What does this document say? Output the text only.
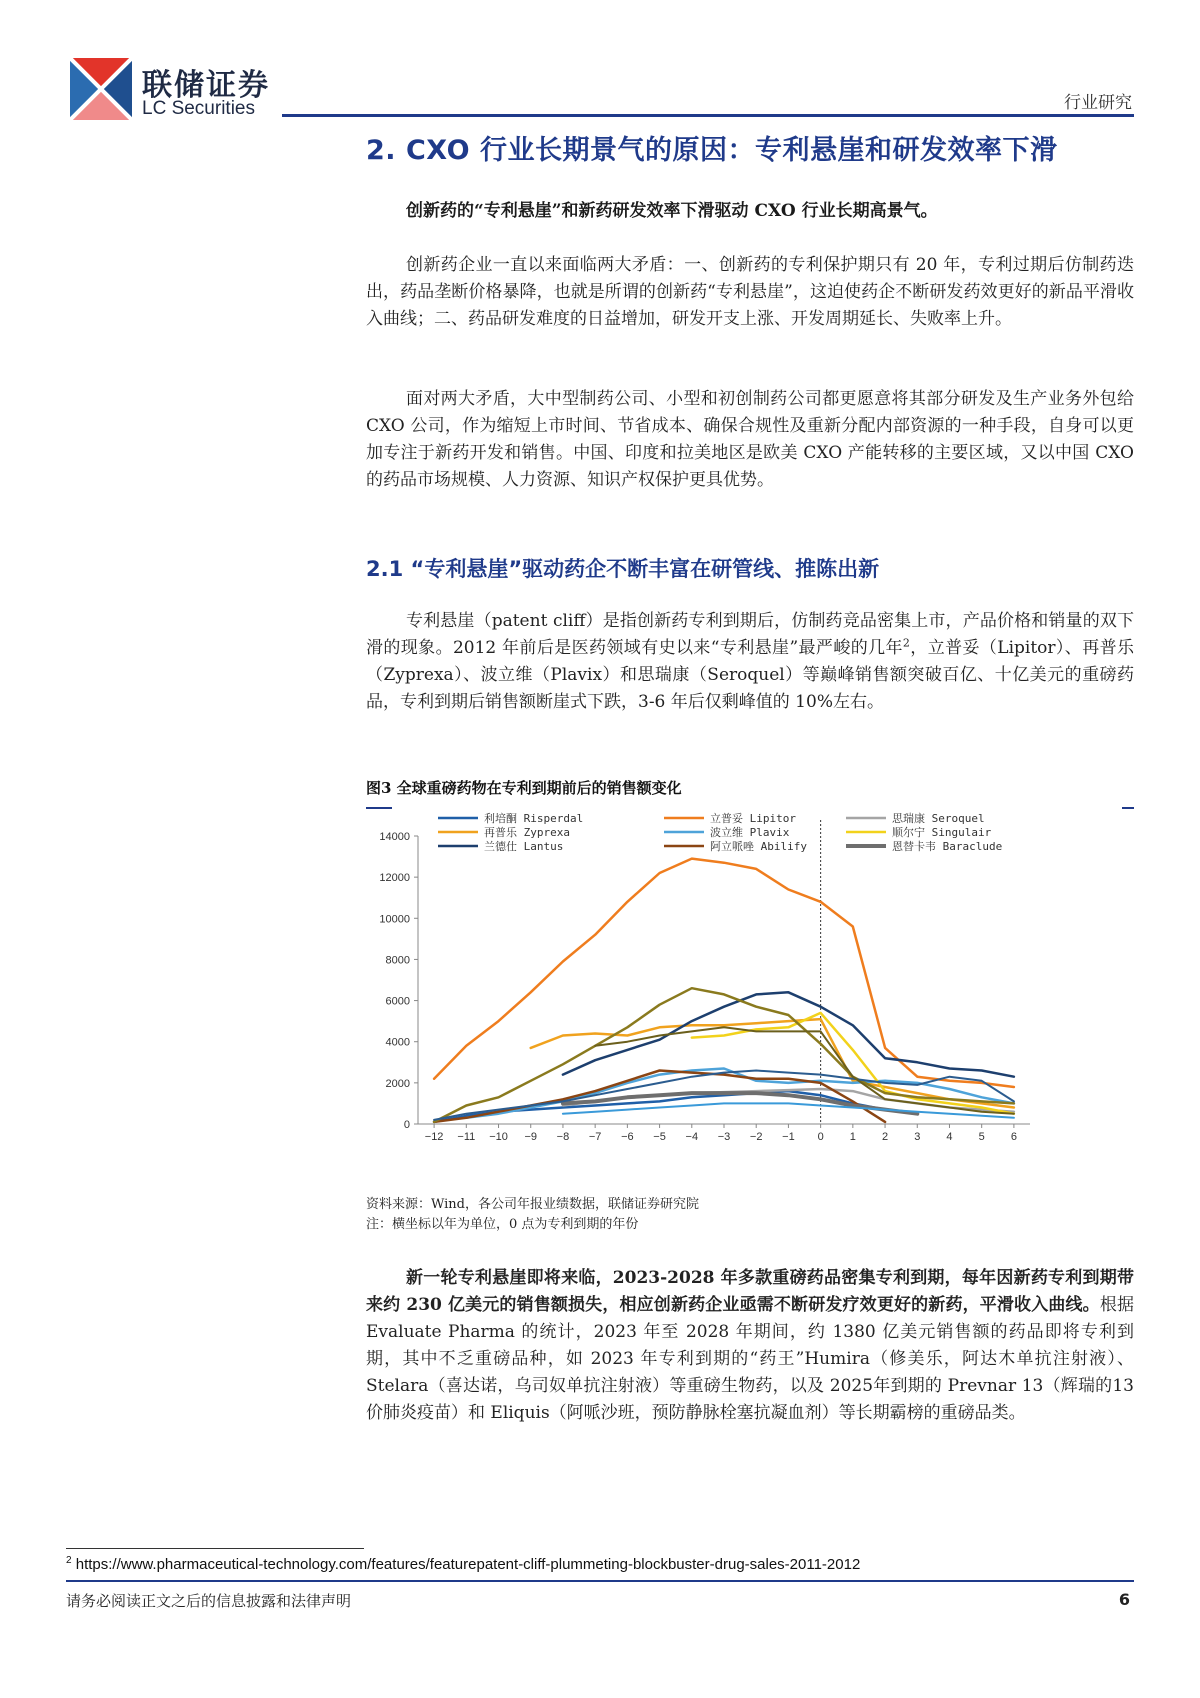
联储证券
LC Securities	行业研究
2. CXO 行业长期景气的原因：专利悬崖和研发效率下滑
创新药的“专利悬崖”和新药研发效率下滑驱动 CXO 行业长期高景气。
创新药企业一直以来面临两大矛盾：一、创新药的专利保护期只有 20 年，专利过期后仿制药迭出，药品垄断价格暴降，也就是所谓的创新药“专利悬崖”，这迫使药企不断研发药效更好的新品平滑收入曲线；二、药品研发难度的日益增加，研发开支上涨、开发周期延长、失败率上升。
面对两大矛盾，大中型制药公司、小型和初创制药公司都更愿意将其部分研发及生产业务外包给 CXO 公司，作为缩短上市时间、节省成本、确保合规性及重新分配内部资源的一种手段，自身可以更加专注于新药开发和销售。中国、印度和拉美地区是欧美 CXO 产能转移的主要区域，又以中国 CXO 的药品市场规模、人力资源、知识产权保护更具优势。
2.1 “专利悬崖”驱动药企不断丰富在研管线、推陈出新
专利悬崖（patent cliff）是指创新药专利到期后，仿制药竞品密集上市，产品价格和销量的双下滑的现象。2012 年前后是医药领域有史以来“专利悬崖”最严峻的几年$^2$，立普妥（Lipitor）、再普乐（Zyprexa）、波立维（Plavix）和思瑞康（Seroquel）等巅峰销售额突破百亿、十亿美元的重磅药品，专利到期后销售额断崖式下跌，3-6 年后仅剩峰值的 10%左右。
图3 全球重磅药物在专利到期前后的销售额变化
利培酮 Risperdal	立普妥 Lipitor	思瑞康 Seroquel
再普乐 Zyprexa	波立维 Plavix	顺尔宁 Singulair
兰德仕 Lantus	阿立哌唑 Abilify	恩替卡韦 Baraclude
0
2000
4000
6000
8000
10000
12000
14000
−12 −11 −10 −9 −8 −7 −6 −5 −4 −3 −2 −1 0 1 2 3 4 5 6
资料来源：Wind，各公司年报业绩数据，联储证券研究院
注：横坐标以年为单位，0 点为专利到期的年份
新一轮专利悬崖即将来临，2023-2028 年多款重磅药品密集专利到期，每年因新药专利到期带来约 230 亿美元的销售额损失，相应创新药企业亟需不断研发疗效更好的新药，平滑收入曲线。根据 Evaluate Pharma 的统计，2023 年至 2028 年期间，约 1380 亿美元销售额的药品即将专利到期，其中不乏重磅品种，如 2023 年专利到期的“药王”Humira（修美乐，阿达木单抗注射液）、Stelara（喜达诺，乌司奴单抗注射液）等重磅生物药，以及 2025年到期的 Prevnar 13（辉瑞的13价肺炎疫苗）和 Eliquis（阿哌沙班，预防静脉栓塞抗凝血剂）等长期霸榜的重磅品类。
$^2$ https://www.pharmaceutical-technology.com/features/featurepatent-cliff-plummeting-blockbuster-drug-sales-2011-2012
请务必阅读正文之后的信息披露和法律声明	6
